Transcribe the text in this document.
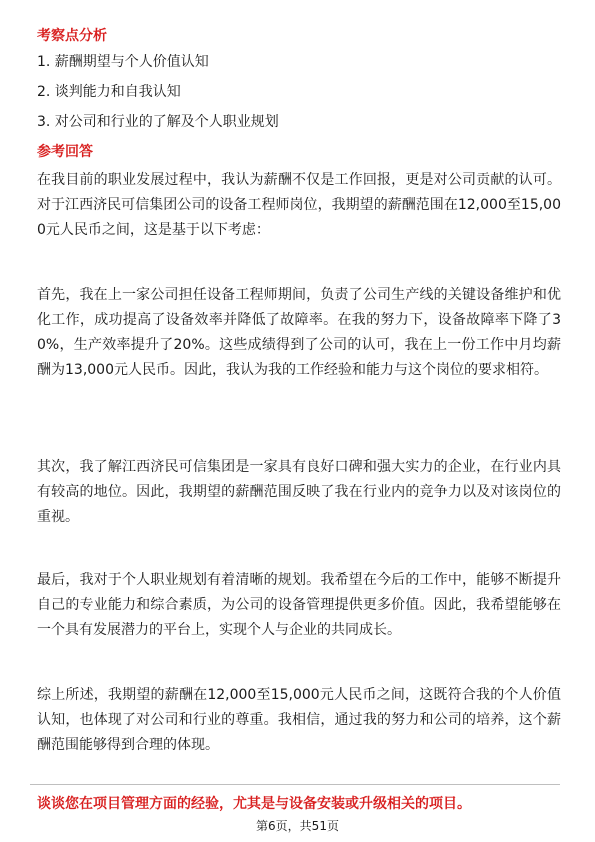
考察点分析
1. 薪酬期望与个人价值认知
2. 谈判能力和自我认知
3. 对公司和行业的了解及个人职业规划
参考回答

在我目前的职业发展过程中，我认为薪酬不仅是工作回报，更是对公司贡献的认可。对于江西济民可信集团公司的设备工程师岗位，我期望的薪酬范围在12,000至15,000元人民币之间，这是基于以下考虑：

首先，我在上一家公司担任设备工程师期间，负责了公司生产线的关键设备维护和优化工作，成功提高了设备效率并降低了故障率。在我的努力下，设备故障率下降了30%，生产效率提升了20%。这些成绩得到了公司的认可，我在上一份工作中月均薪酬为13,000元人民币。因此，我认为我的工作经验和能力与这个岗位的要求相符。

其次，我了解江西济民可信集团是一家具有良好口碑和强大实力的企业，在行业内具有较高的地位。因此，我期望的薪酬范围反映了我在行业内的竞争力以及对该岗位的重视。

最后，我对于个人职业规划有着清晰的规划。我希望在今后的工作中，能够不断提升自己的专业能力和综合素质，为公司的设备管理提供更多价值。因此，我希望能够在一个具有发展潜力的平台上，实现个人与企业的共同成长。

综上所述，我期望的薪酬在12,000至15,000元人民币之间，这既符合我的个人价值认知，也体现了对公司和行业的尊重。我相信，通过我的努力和公司的培养，这个薪酬范围能够得到合理的体现。

谈谈您在项目管理方面的经验，尤其是与设备安装或升级相关的项目。
第6页，共51页
